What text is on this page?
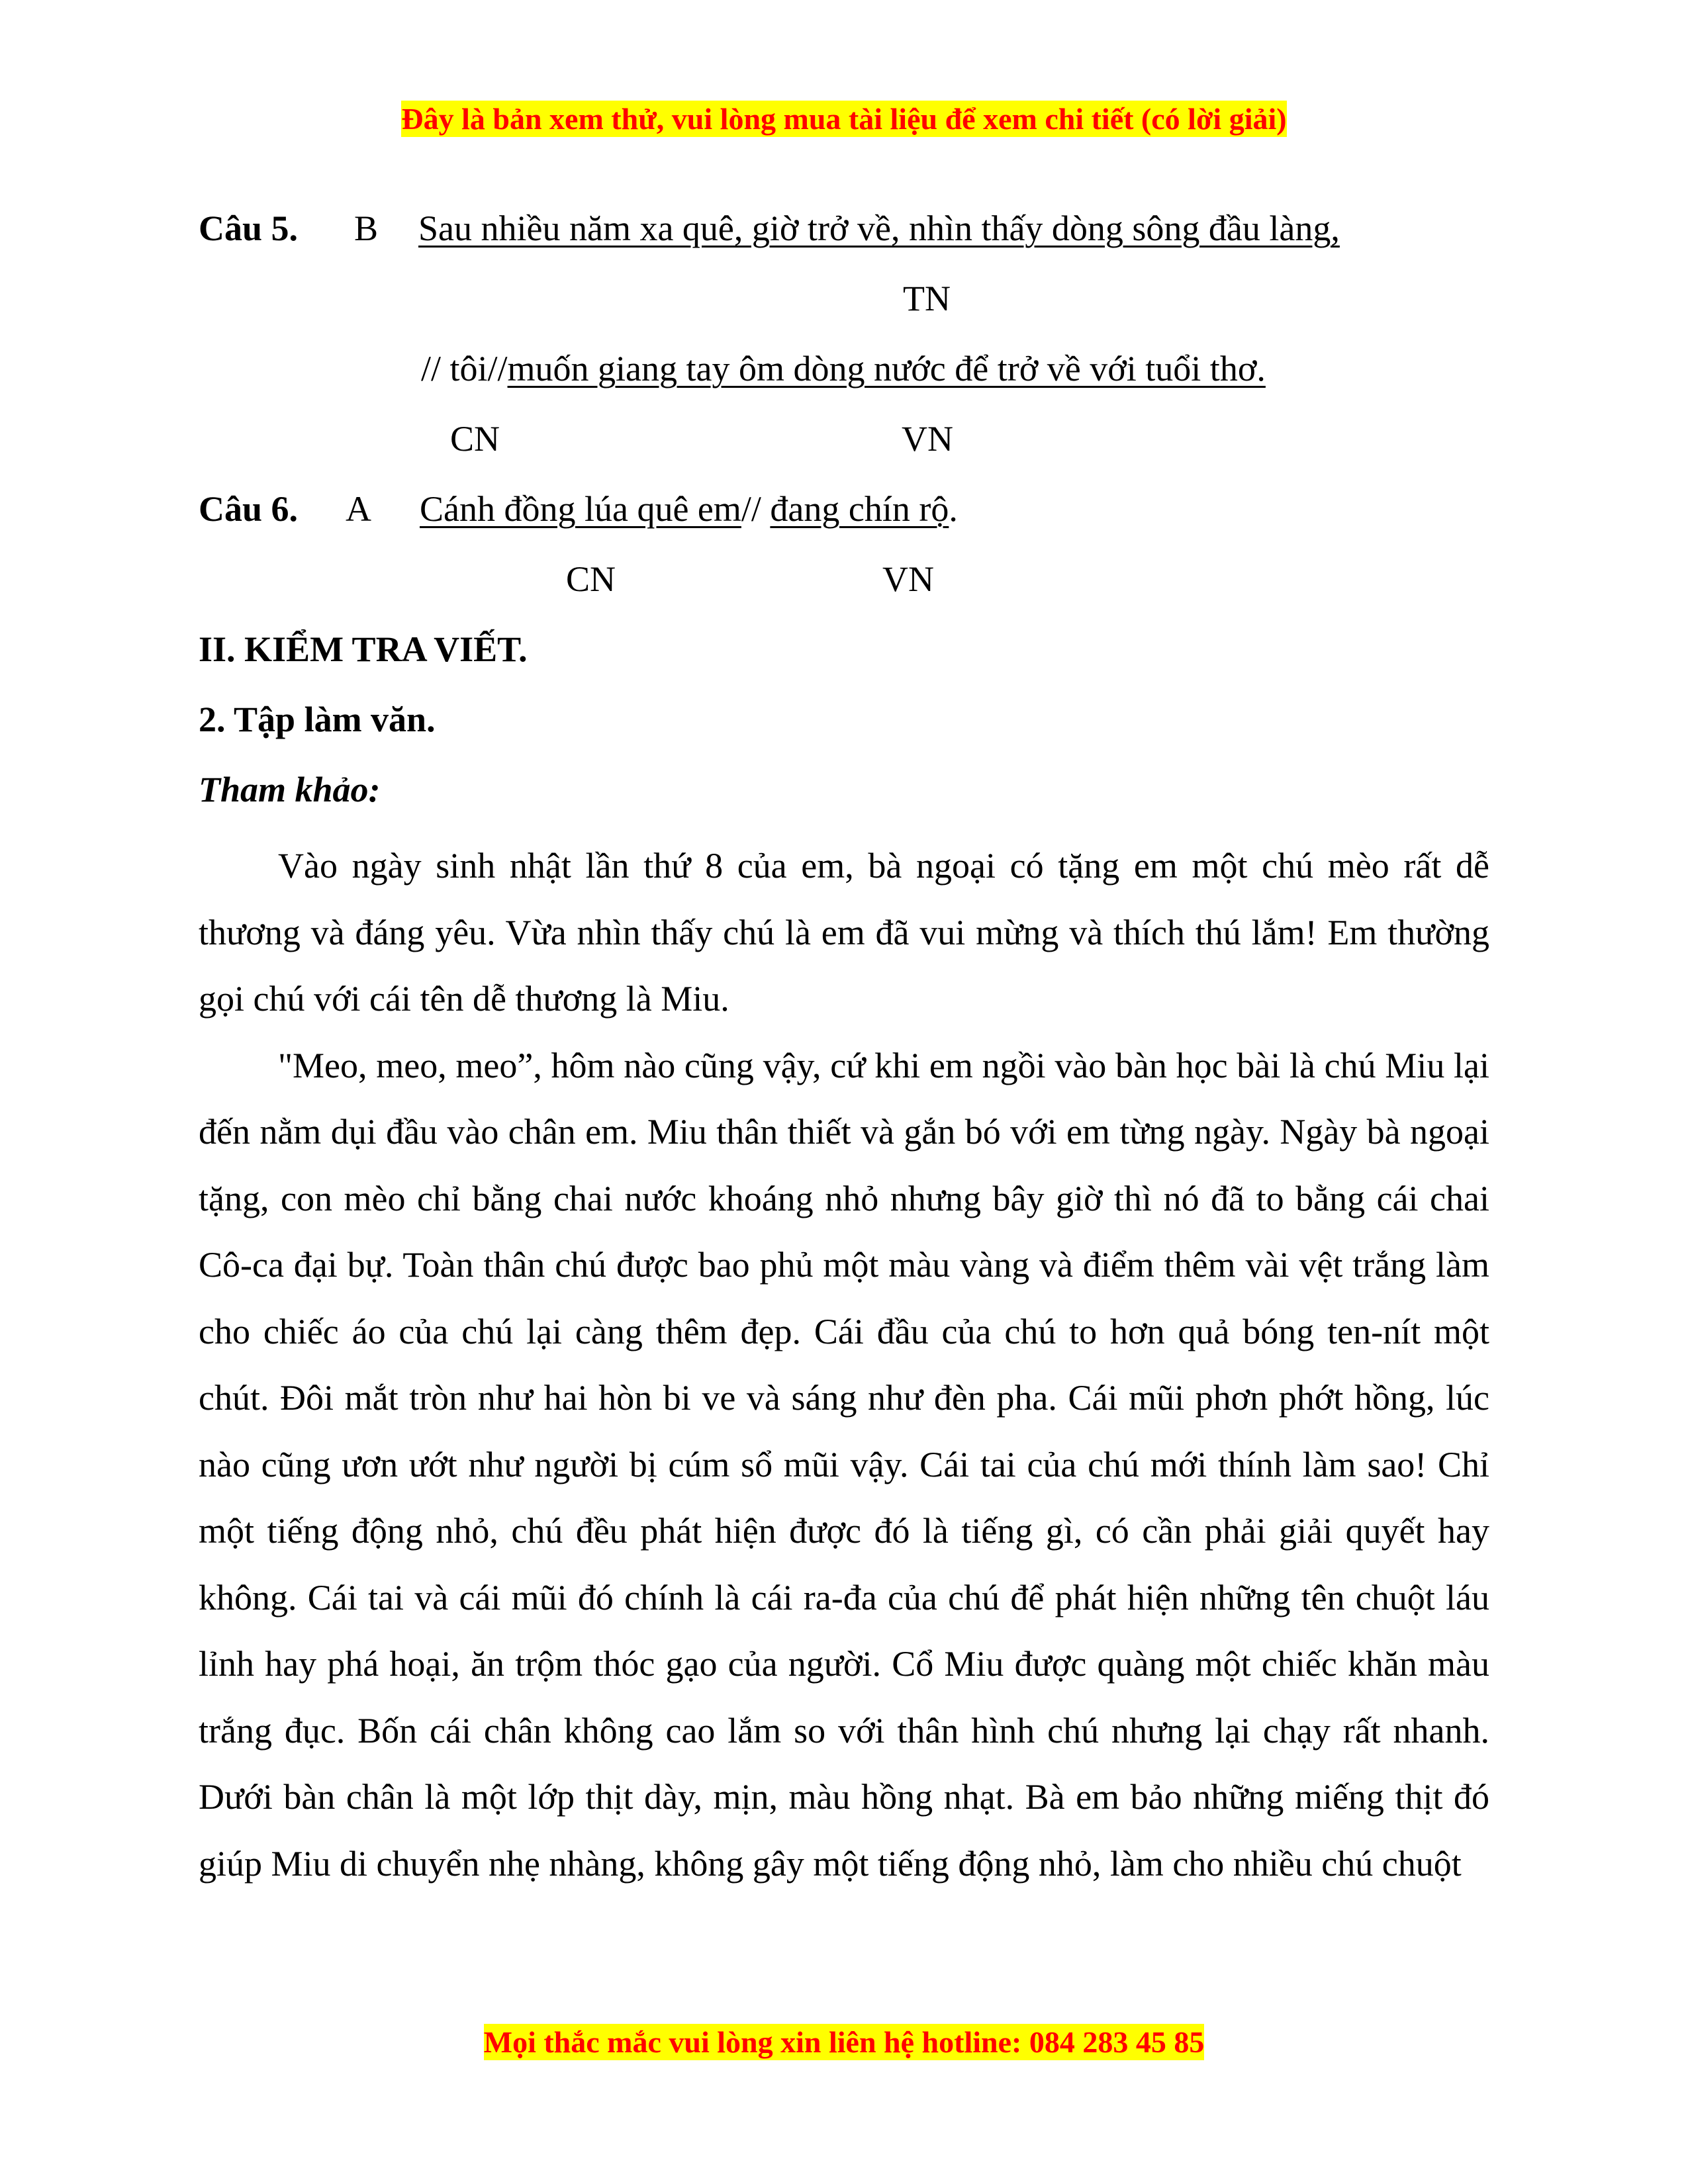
Đây là bản xem thử, vui lòng mua tài liệu để xem chi tiết (có lời giải)
Câu 5. B Sau nhiều năm xa quê, giờ trở về, nhìn thấy dòng sông đầu làng,
TN
// tôi//muốn giang tay ôm dòng nước để trở về với tuổi thơ.
CN	VN
Câu 6. A Cánh đồng lúa quê em// đang chín rộ.
CN	VN
II. KIỂM TRA VIẾT.
2. Tập làm văn.
Tham khảo:

Vào ngày sinh nhật lần thứ 8 của em, bà ngoại có tặng em một chú mèo rất dễ thương và đáng yêu. Vừa nhìn thấy chú là em đã vui mừng và thích thú lắm! Em thường gọi chú với cái tên dễ thương là Miu.

"Meo, meo, meo”, hôm nào cũng vậy, cứ khi em ngồi vào bàn học bài là chú Miu lại đến nằm dụi đầu vào chân em. Miu thân thiết và gắn bó với em từng ngày. Ngày bà ngoại tặng, con mèo chỉ bằng chai nước khoáng nhỏ nhưng bây giờ thì nó đã to bằng cái chai Cô-ca đại bự. Toàn thân chú được bao phủ một màu vàng và điểm thêm vài vệt trắng làm cho chiếc áo của chú lại càng thêm đẹp. Cái đầu của chú to hơn quả bóng ten-nít một chút. Đôi mắt tròn như hai hòn bi ve và sáng như đèn pha. Cái mũi phơn phớt hồng, lúc nào cũng ươn ướt như người bị cúm sổ mũi vậy. Cái tai của chú mới thính làm sao! Chỉ một tiếng động nhỏ, chú đều phát hiện được đó là tiếng gì, có cần phải giải quyết hay không. Cái tai và cái mũi đó chính là cái ra-đa của chú để phát hiện những tên chuột láu lỉnh hay phá hoại, ăn trộm thóc gạo của người. Cổ Miu được quàng một chiếc khăn màu trắng đục. Bốn cái chân không cao lắm so với thân hình chú nhưng lại chạy rất nhanh. Dưới bàn chân là một lớp thịt dày, mịn, màu hồng nhạt. Bà em bảo những miếng thịt đó giúp Miu di chuyển nhẹ nhàng, không gây một tiếng động nhỏ, làm cho nhiều chú chuột

Mọi thắc mắc vui lòng xin liên hệ hotline: 084 283 45 85
